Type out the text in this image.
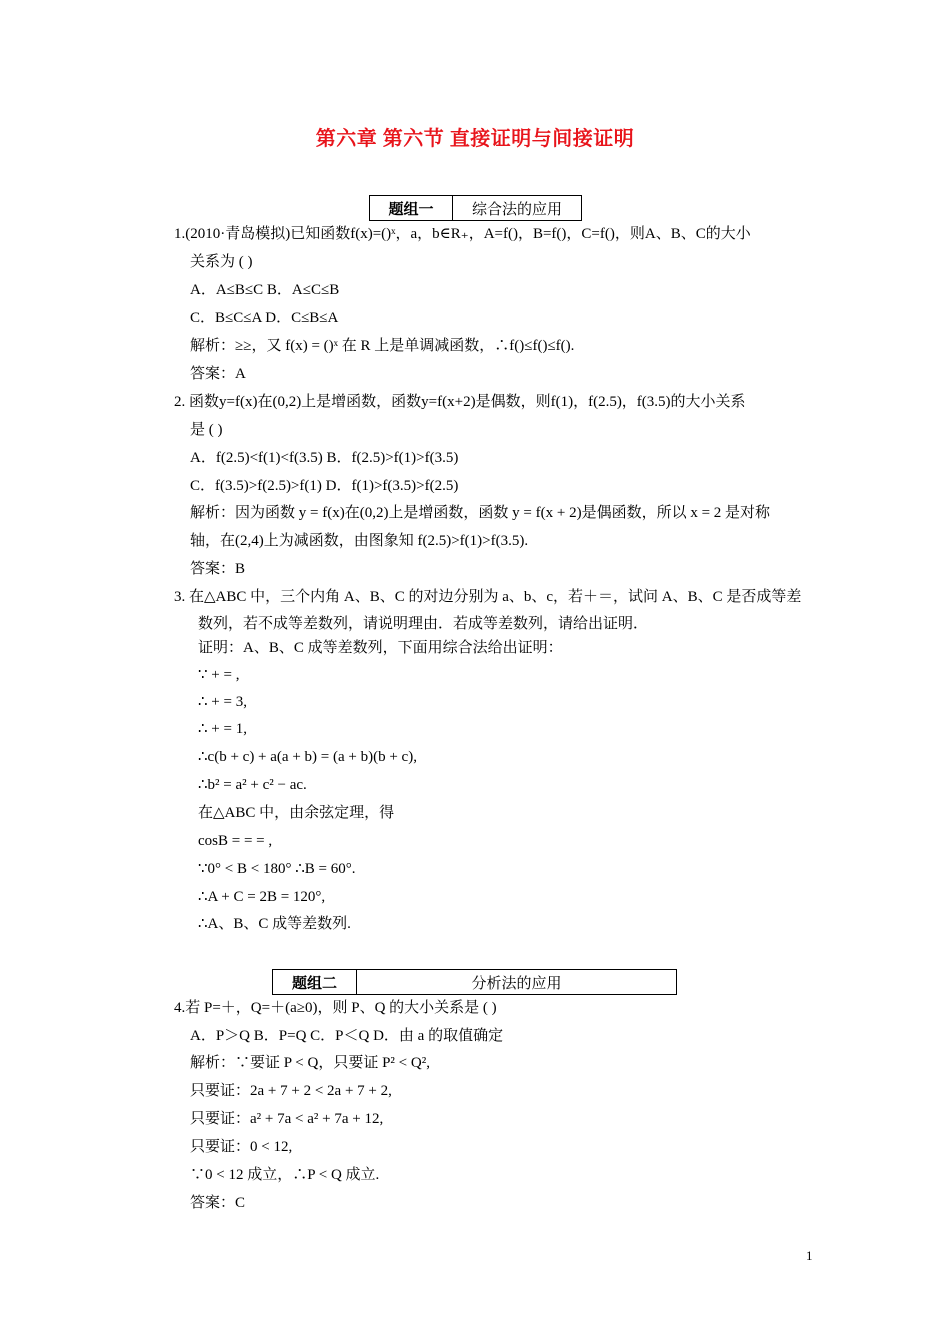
第六章 第六节 直接证明与间接证明
题组一	综合法的应用
题组二	分析法的应用
1.(2010·青岛模拟)已知函数f(x)=()ˣ，a，b∈R₊，A=f()，B=f()，C=f()，则A、B、C的大小
关系为 ( )
A．A≤B≤C B．A≤C≤B
C．B≤C≤A D．C≤B≤A
解析：≥≥，又 f(x) = ()ˣ 在 R 上是单调减函数，∴f()≤f()≤f().
答案：A
2. 函数y=f(x)在(0,2)上是增函数，函数y=f(x+2)是偶数，则f(1)，f(2.5)，f(3.5)的大小关系
是 ( )
A．f(2.5)<f(1)<f(3.5) B．f(2.5)>f(1)>f(3.5)
C．f(3.5)>f(2.5)>f(1) D．f(1)>f(3.5)>f(2.5)
解析：因为函数 y = f(x)在(0,2)上是增函数，函数 y = f(x + 2)是偶函数，所以 x = 2 是对称
轴，在(2,4)上为减函数，由图象知 f(2.5)>f(1)>f(3.5).
答案：B
3. 在△ABC 中，三个内角 A、B、C 的对边分别为 a、b、c，若＋＝，试问 A、B、C 是否成等差
数列，若不成等差数列，请说明理由．若成等差数列，请给出证明．
证明：A、B、C 成等差数列，下面用综合法给出证明：
∵ + = ,
∴ + = 3,
∴ + = 1,
∴c(b + c) + a(a + b) = (a + b)(b + c),
∴b² = a² + c² − ac.
在△ABC 中，由余弦定理，得
cosB = = = ,
∵0° < B < 180° ∴B = 60°.
∴A + C = 2B = 120°,
∴A、B、C 成等差数列.
4.若 P=＋，Q=＋(a≥0)，则 P、Q 的大小关系是 ( )
A．P＞Q B．P=Q C．P＜Q D．由 a 的取值确定
解析：∵要证 P < Q，只要证 P² < Q²,
只要证：2a + 7 + 2 < 2a + 7 + 2,
只要证：a² + 7a < a² + 7a + 12,
只要证：0 < 12,
∵0 < 12 成立，∴P < Q 成立.
答案：C
1
